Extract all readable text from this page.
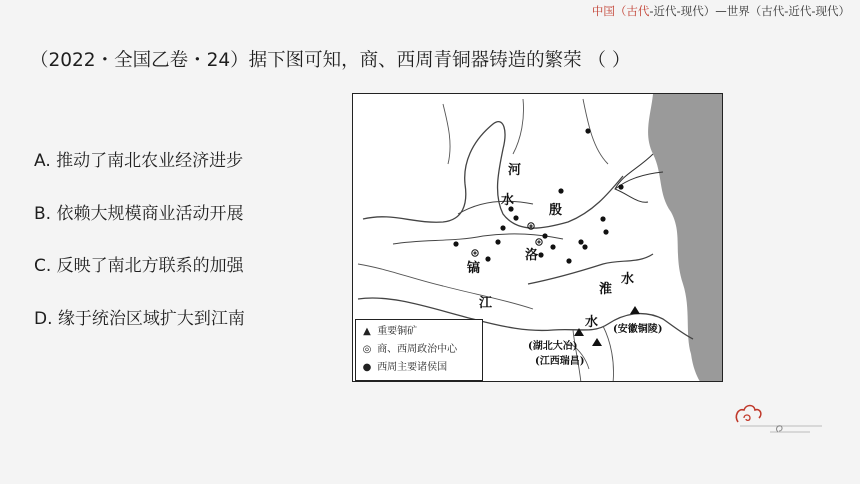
中国（古代-近代-现代）—世界（古代-近代-现代）
（2022・全国乙卷・24）据下图可知，商、西周青铜器铸造的繁荣 （ ）
A. 推动了南北农业经济进步
B. 依赖大规模商业活动开展
C. 反映了南北方联系的加强
D. 缘于统治区域扩大到江南
河
水
殷
洛
镐
江
水
淮
水
(安徽铜陵)
(湖北大冶)
(江西瑞昌)
▲ 重要铜矿
◎ 商、西周政治中心
● 西周主要诸侯国
